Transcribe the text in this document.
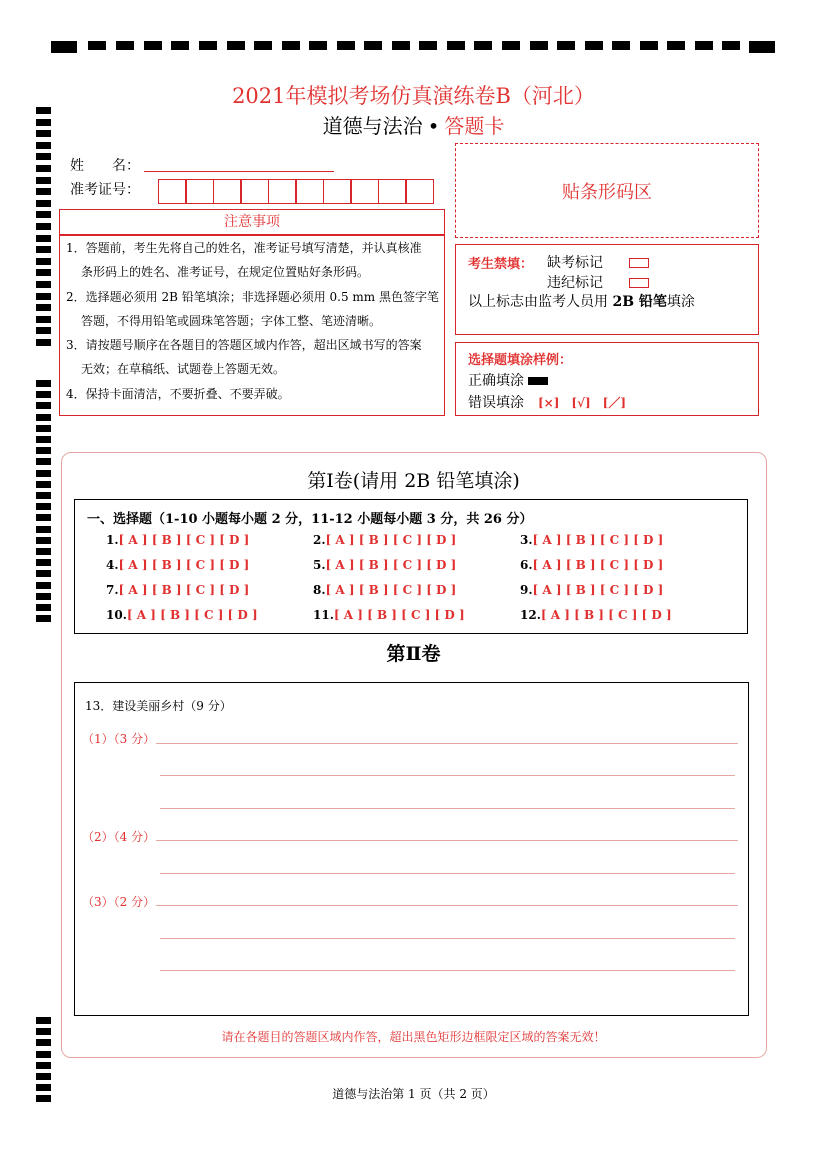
2021年模拟考场仿真演练卷B（河北）
道德与法治 • 答题卡
姓　　名：
准考证号：	贴条形码区
注意事项
1．答题前，考生先将自己的姓名，准考证号填写清楚，并认真核准
条形码上的姓名、准考证号，在规定位置贴好条形码。
2．选择题必须用 2B 铅笔填涂；非选择题必须用 0.5 mm 黑色签字笔
答题，不得用铅笔或圆珠笔答题；字体工整、笔迹清晰。
3．请按题号顺序在各题目的答题区域内作答，超出区域书写的答案
无效；在草稿纸、试题卷上答题无效。
4．保持卡面清洁，不要折叠、不要弄破。
考生禁填： 缺考标记
违纪标记
以上标志由监考人员用 2B 铅笔填涂
选择题填涂样例：
正确填涂
错误填涂 [×]　[√]　[／]
第Ⅰ卷(请用 2B 铅笔填涂)
一、选择题（1-10 小题每小题 2 分，11-12 小题每小题 3 分，共 26 分）
1.[ A ] [ B ] [ C ] [ D ]	2.[ A ] [ B ] [ C ] [ D ]	3.[ A ] [ B ] [ C ] [ D ]
4.[ A ] [ B ] [ C ] [ D ]	5.[ A ] [ B ] [ C ] [ D ]	6.[ A ] [ B ] [ C ] [ D ]
7.[ A ] [ B ] [ C ] [ D ]	8.[ A ] [ B ] [ C ] [ D ]	9.[ A ] [ B ] [ C ] [ D ]
10.[ A ] [ B ] [ C ] [ D ]	11.[ A ] [ B ] [ C ] [ D ]	12.[ A ] [ B ] [ C ] [ D ]
第Ⅱ卷
13．建设美丽乡村（9 分）
（1）（3 分）
（2）（4 分）
（3）（2 分）
请在各题目的答题区域内作答，超出黑色矩形边框限定区域的答案无效！
道德与法治第 1 页（共 2 页）
